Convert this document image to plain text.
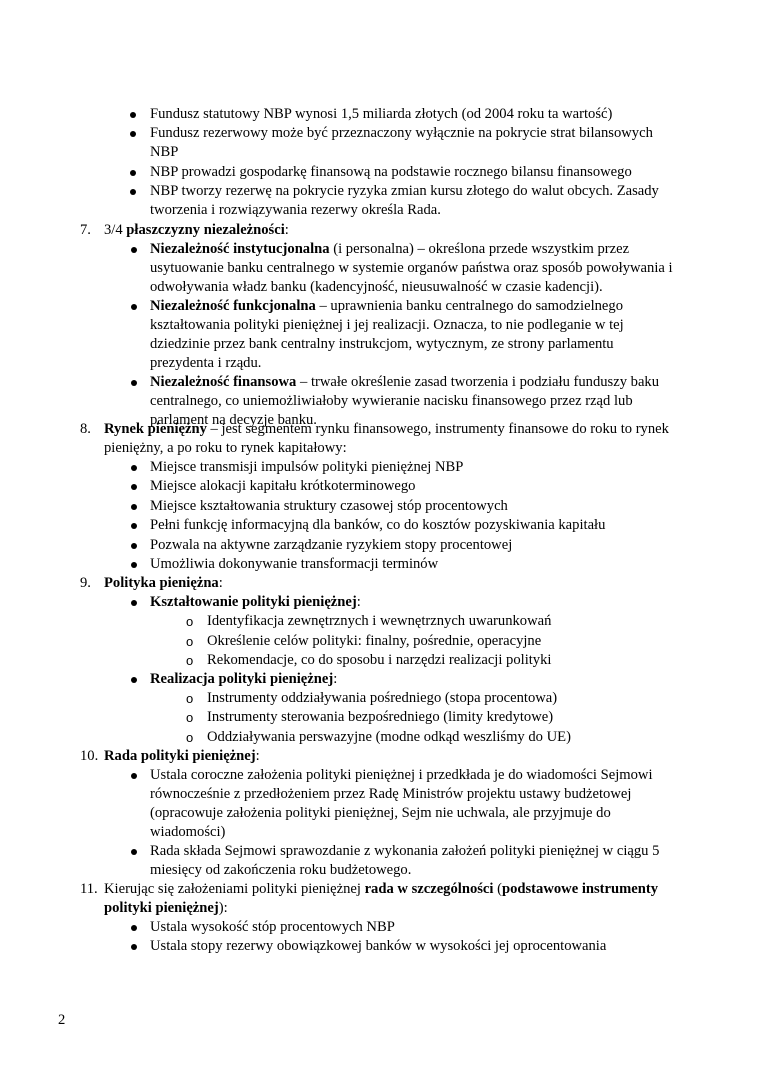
Fundusz statutowy NBP wynosi 1,5 miliarda złotych (od 2004 roku ta wartość)
Fundusz rezerwowy może być przeznaczony wyłącznie na pokrycie strat bilansowych
NBP
NBP prowadzi gospodarkę finansową na podstawie rocznego bilansu finansowego
NBP tworzy rezerwę na pokrycie ryzyka zmian kursu złotego do walut obcych. Zasady
tworzenia i rozwiązywania rezerwy określa Rada.
7. 3/4 płaszczyzny niezależności:
Niezależność instytucjonalna (i personalna) – określona przede wszystkim przez
usytuowanie banku centralnego w systemie organów państwa oraz sposób powoływania i
odwoływania władz banku (kadencyjność, nieusuwalność w czasie kadencji).
Niezależność funkcjonalna – uprawnienia banku centralnego do samodzielnego
kształtowania polityki pieniężnej i jej realizacji. Oznacza, to nie podleganie w tej
dziedzinie przez bank centralny instrukcjom, wytycznym, ze strony parlamentu
prezydenta i rządu.
Niezależność finansowa – trwałe określenie zasad tworzenia i podziału funduszy baku
centralnego, co uniemożliwiałoby wywieranie nacisku finansowego przez rząd lub
parlament na decyzje banku.
8. Rynek pieniężny – jest segmentem rynku finansowego, instrumenty finansowe do roku to rynek
pieniężny, a po roku to rynek kapitałowy:
Miejsce transmisji impulsów polityki pieniężnej NBP
Miejsce alokacji kapitału krótkoterminowego
Miejsce kształtowania struktury czasowej stóp procentowych
Pełni funkcję informacyjną dla banków, co do kosztów pozyskiwania kapitału
Pozwala na aktywne zarządzanie ryzykiem stopy procentowej
Umożliwia dokonywanie transformacji terminów
9. Polityka pieniężna:
Kształtowanie polityki pieniężnej:
o Identyfikacja zewnętrznych i wewnętrznych uwarunkowań
o Określenie celów polityki: finalny, pośrednie, operacyjne
o Rekomendacje, co do sposobu i narzędzi realizacji polityki
Realizacja polityki pieniężnej:
o Instrumenty oddziaływania pośredniego (stopa procentowa)
o Instrumenty sterowania bezpośredniego (limity kredytowe)
o Oddziaływania perswazyjne (modne odkąd weszliśmy do UE)
10. Rada polityki pieniężnej:
Ustala coroczne założenia polityki pieniężnej i przedkłada je do wiadomości Sejmowi
równocześnie z przedłożeniem przez Radę Ministrów projektu ustawy budżetowej
(opracowuje założenia polityki pieniężnej, Sejm nie uchwala, ale przyjmuje do
wiadomości)
Rada składa Sejmowi sprawozdanie z wykonania założeń polityki pieniężnej w ciągu 5
miesięcy od zakończenia roku budżetowego.
11. Kierując się założeniami polityki pieniężnej rada w szczególności (podstawowe instrumenty
polityki pieniężnej):
Ustala wysokość stóp procentowych NBP
Ustala stopy rezerwy obowiązkowej banków w wysokości jej oprocentowania
2
